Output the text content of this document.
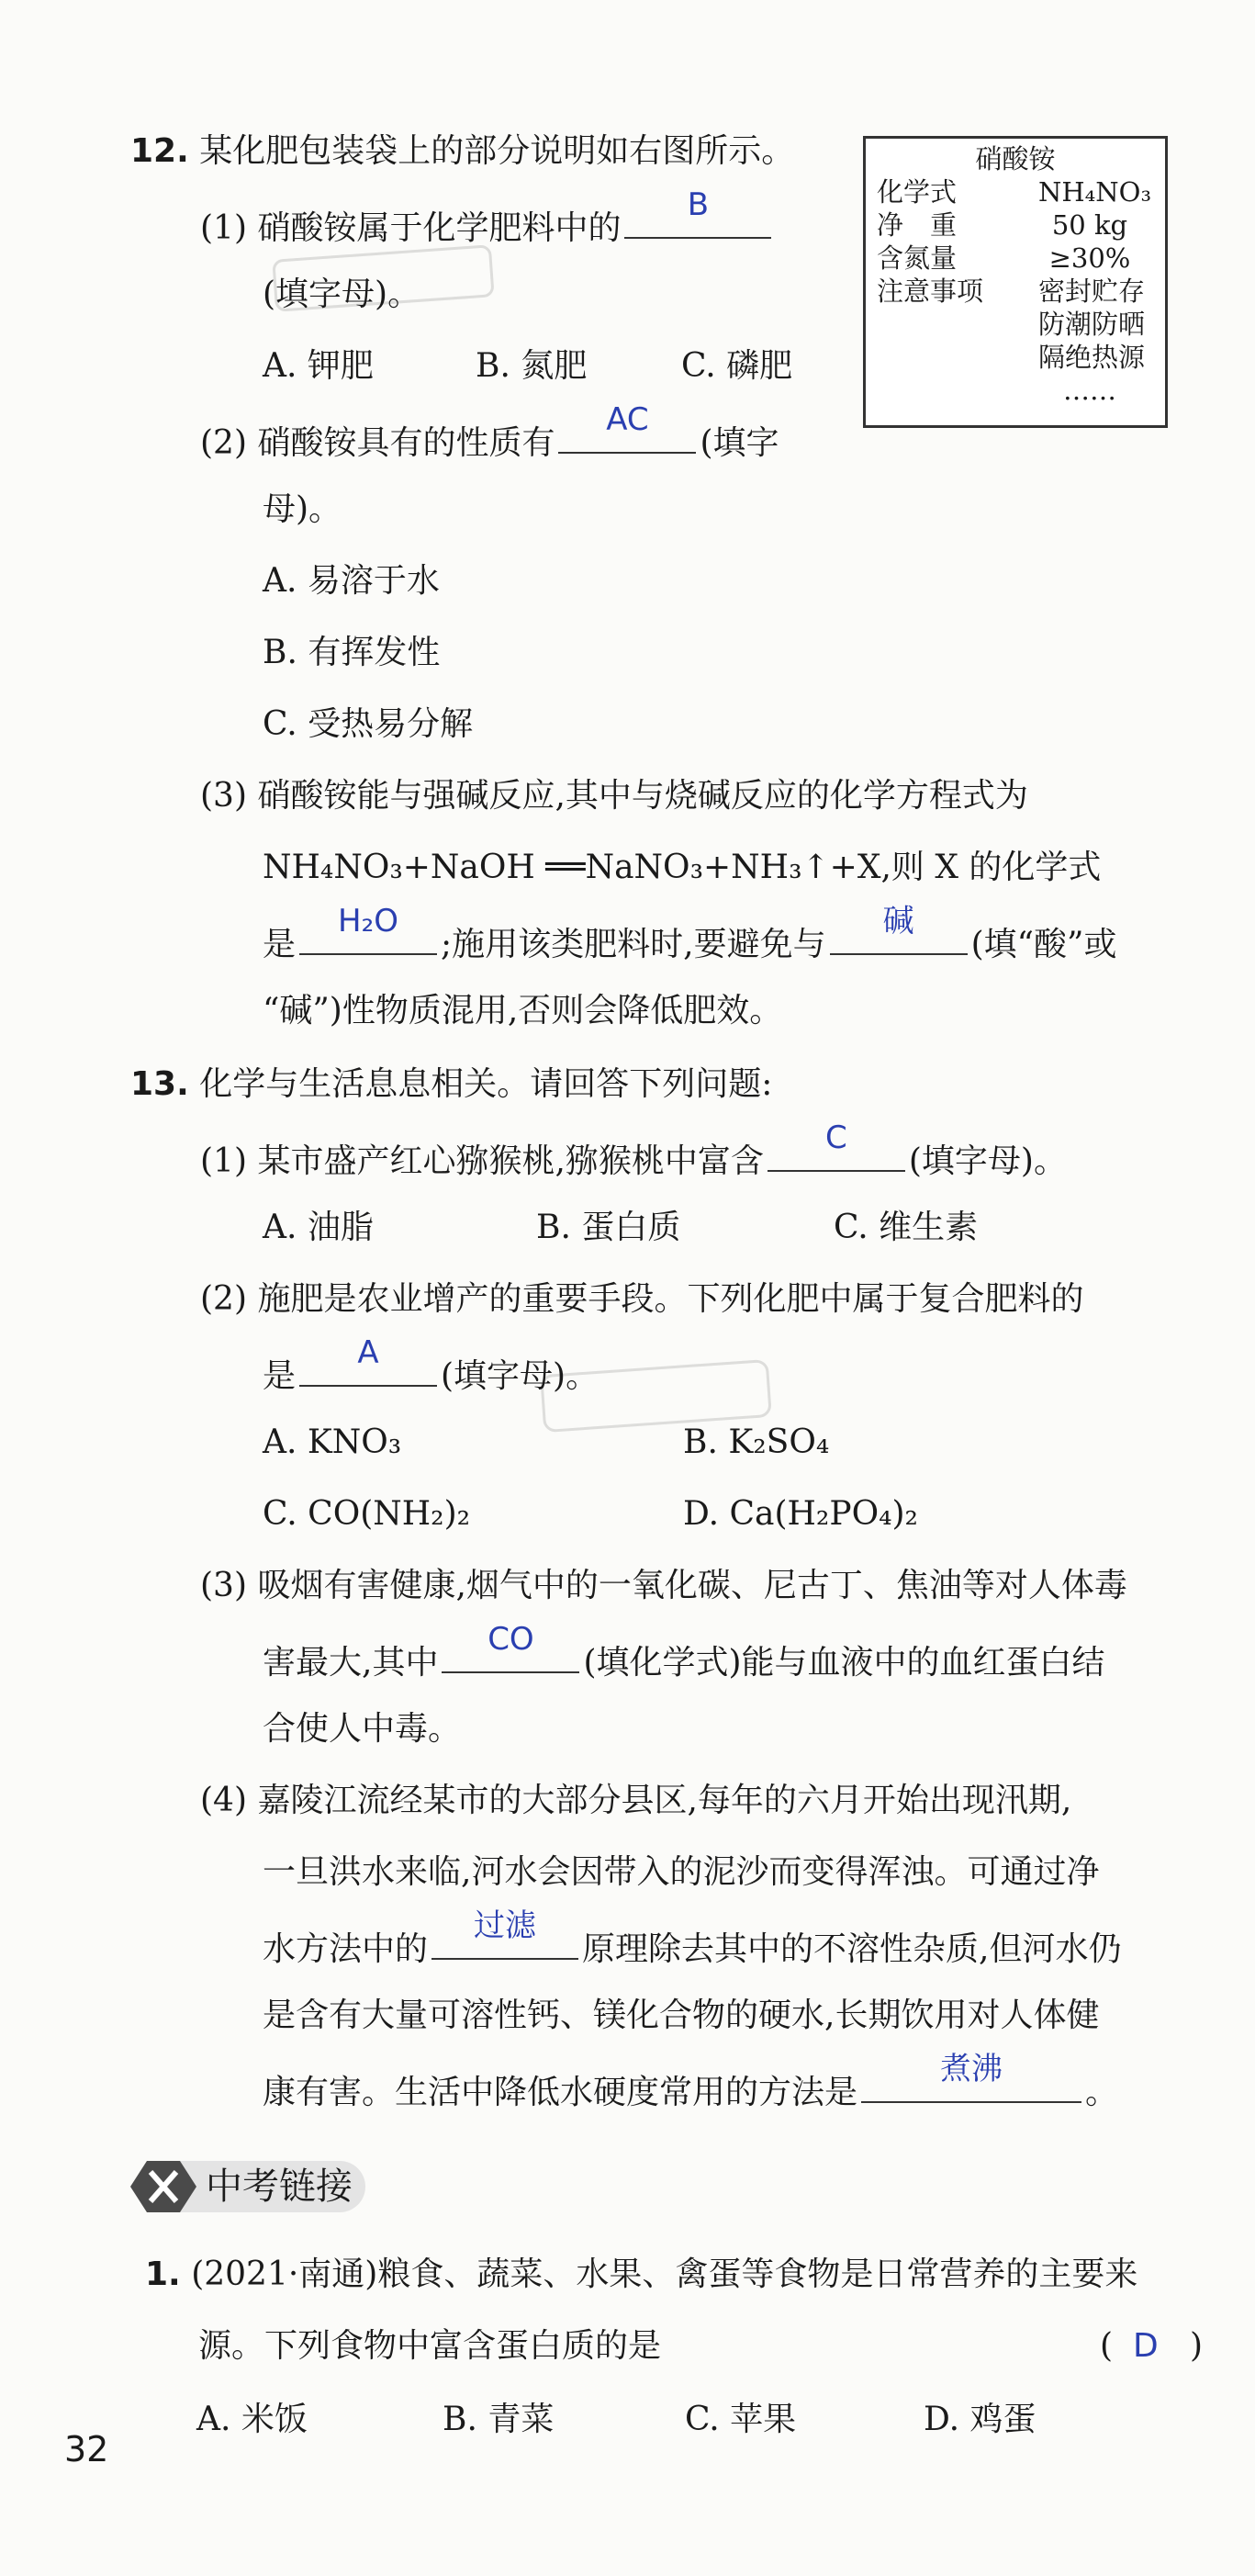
12. 某化肥包装袋上的部分说明如右图所示。	硝酸铵
化学式	NH₄NO₃
净　重	50 kg
含氮量	≥30%
注意事项 密封贮存
防潮防晒
隔绝热源
……
(1) 硝酸铵属于化学肥料中的
B
(填字母)。
A. 钾肥	B. 氮肥	C. 磷肥
(2) 硝酸铵具有的性质有
AC
(填字
母)。
A. 易溶于水
B. 有挥发性
C. 受热易分解
(3) 硝酸铵能与强碱反应,其中与烧碱反应的化学方程式为
NH₄NO₃+NaOH ══NaNO₃+NH₃↑+X,则 X 的化学式
是
H₂O
;施用该类肥料时,要避免与
碱
(填“酸”或
“碱”)性物质混用,否则会降低肥效。
13. 化学与生活息息相关。请回答下列问题:
(1) 某市盛产红心猕猴桃,猕猴桃中富含
C
(填字母)。
A. 油脂	B. 蛋白质	C. 维生素
(2) 施肥是农业增产的重要手段。下列化肥中属于复合肥料的
是
A
(填字母)。
A. KNO₃	B. K₂SO₄
C. CO(NH₂)₂	D. Ca(H₂PO₄)₂
(3) 吸烟有害健康,烟气中的一氧化碳、尼古丁、焦油等对人体毒
害最大,其中
CO
(填化学式)能与血液中的血红蛋白结
合使人中毒。
(4) 嘉陵江流经某市的大部分县区,每年的六月开始出现汛期,
一旦洪水来临,河水会因带入的泥沙而变得浑浊。可通过净
水方法中的
过滤
原理除去其中的不溶性杂质,但河水仍
是含有大量可溶性钙、镁化合物的硬水,长期饮用对人体健
康有害。生活中降低水硬度常用的方法是
煮沸
。
中考链接
1. (2021·南通)粮食、蔬菜、水果、禽蛋等食物是日常营养的主要来
源。下列食物中富含蛋白质的是	( D )
A. 米饭	B. 青菜	C. 苹果	D. 鸡蛋
32
